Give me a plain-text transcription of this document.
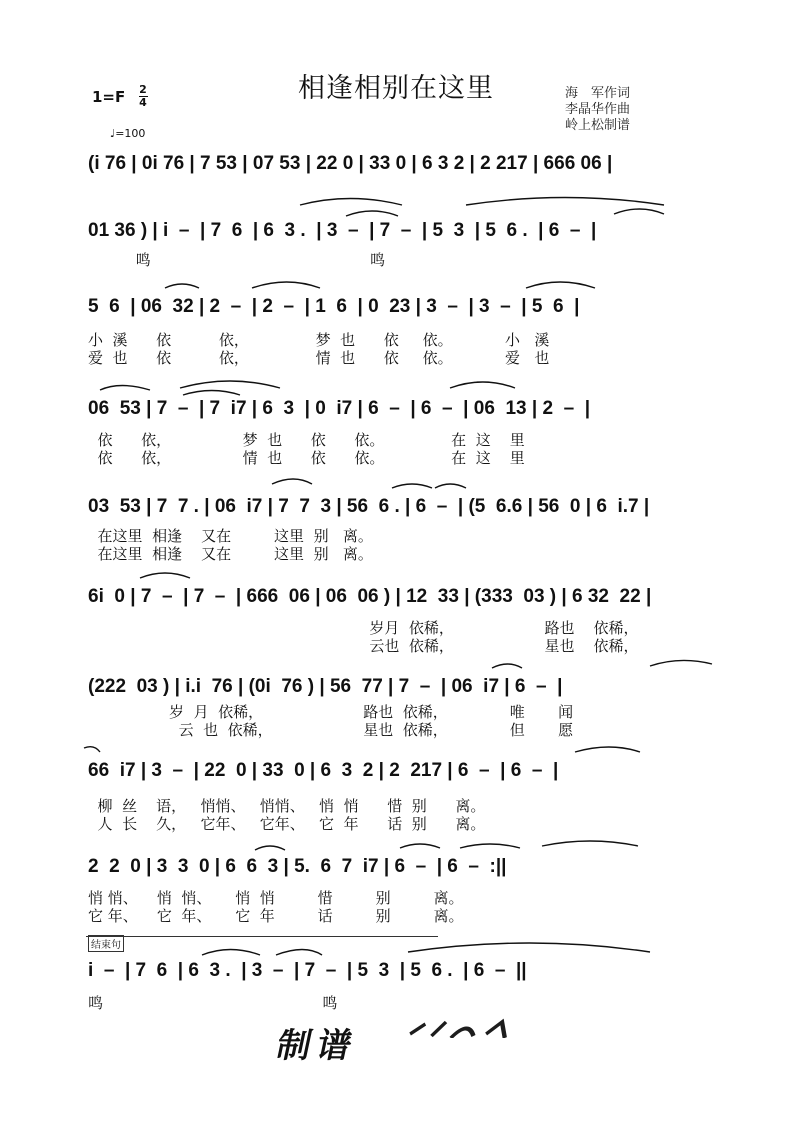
相逢相别在这里
1=F 2
4
♩=100
海　军作词
李晶华作曲
岭上松制谱
(i 76 | 0i 76 | 7 53 | 07 53 | 22 0 | 33 0 | 6 3 2 | 2 217 | 666 06 |
01 36 ) | i  –  | 7  6  | 6  3 .  | 3  –  | 7  –  | 5  3  | 5  6 .  | 6  –  |
鸣                                              鸣
5  6  | 06  32 | 2  –  | 2  –  | 1  6  | 0  23 | 3  –  | 3  –  | 5  6  |
小  溪      依          依，              梦  也      依     依。           小   溪
爱  也      依          依，              情  也      依     依。           爱   也
06  53 | 7  –  | 7  i7 | 6  3  | 0  i7 | 6  –  | 6  –  | 06  13 | 2  –  |
依      依，               梦  也      依      依。              在  这    里
依      依，               情  也      依      依。              在  这    里
03  53 | 7  7 . | 06  i7 | 7  7  3 | 56  6 . | 6  –  | (5  6.6 | 56  0 | 6  i.7 |
在这里  相逢    又在         这里  别   离。
在这里  相逢    又在         这里  别   离。
6i  0 | 7  –  | 7  –  | 666  06 | 06  06 ) | 12  33 | (333  03 ) | 6 32  22 |
岁月  依稀，                   路也    依稀，
云也  依稀，                   星也    依稀，
(222  03 ) | i.i  76 | (0i  76 ) | 56  77 | 7  –  | 06  i7 | 6  –  |
岁  月  依稀，                     路也  依稀，             唯       闻
云  也  依稀，                   星也  依稀，             但       愿
66  i7 | 3  –  | 22  0 | 33  0 | 6  3  2 | 2  217 | 6  –  | 6  –  |
柳  丝    语，   悄悄、   悄悄、   悄  悄      惜  别      离。
人  长    久，   它年、   它年、   它  年      话  别      离。
2  2  0 | 3  3  0 | 6  6  3 | 5.  6  7  i7 | 6  –  | 6  –  :||
悄 悄、    悄  悄、     悄  悄         惜         别         离。
它 年、    它  年、     它  年         话         别         离。
结束句
i  –  | 7  6  | 6  3 .  | 3  –  | 7  –  | 5  3  | 5  6 .  | 6  –  ||
鸣                                              鸣
制谱
